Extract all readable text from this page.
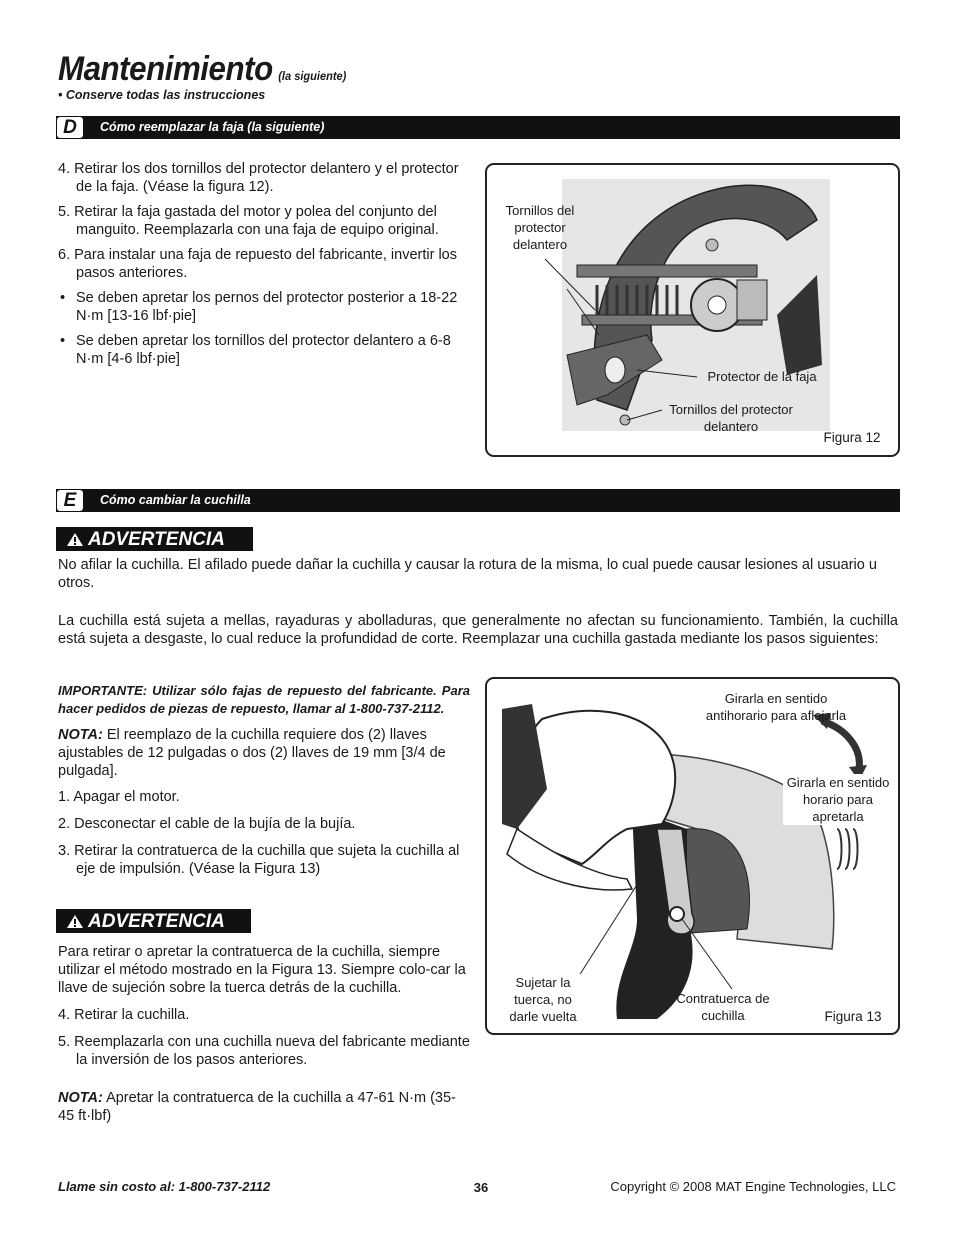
Mantenimiento (la siguiente)
• Conserve todas las instrucciones
D	Cómo reemplazar la faja (la siguiente)
4. Retirar los dos tornillos del protector delantero y el protector de la faja. (Véase la figura 12).
5. Retirar la faja gastada del motor y polea del conjunto del manguito. Reemplazarla con una faja de equipo original.
6. Para instalar una faja de repuesto del fabricante, invertir los pasos anteriores.
• Se deben apretar los pernos del protector posterior a 18-22 N·m [13-16 lbf·pie]
• Se deben apretar los tornillos del protector delantero a 6-8 N·m [4-6 lbf·pie]
Tornillos del protector delantero
Protector de la faja
Tornillos del protector delantero
Figura 12
E	Cómo cambiar la cuchilla
ADVERTENCIA
No afilar la cuchilla. El afilado puede dañar la cuchilla y causar la rotura de la misma, lo cual puede causar lesiones al usuario u otros.
La cuchilla está sujeta a mellas, rayaduras y abolladuras, que generalmente no afectan su funcionamiento. También, la cuchilla está sujeta a desgaste, lo cual reduce la profundidad de corte. Reemplazar una cuchilla gastada mediante los pasos siguientes:
IMPORTANTE: Utilizar sólo fajas de repuesto del fabricante. Para hacer pedidos de piezas de repuesto, llamar al 1-800-737-2112.
NOTA: El reemplazo de la cuchilla requiere dos (2) llaves ajustables de 12 pulgadas o dos (2) llaves de 19 mm [3/4 de pulgada].
1. Apagar el motor.
2. Desconectar el cable de la bujía de la bujía.
3. Retirar la contratuerca de la cuchilla que sujeta la cuchilla al eje de impulsión. (Véase la Figura 13)
ADVERTENCIA
Para retirar o apretar la contratuerca de la cuchilla, siempre utilizar el método mostrado en la Figura 13. Siempre colo-car la llave de sujeción sobre la tuerca detrás de la cuchilla.
4. Retirar la cuchilla.
5. Reemplazarla con una cuchilla nueva del fabricante mediante la inversión de los pasos anteriores.
NOTA: Apretar la contratuerca de la cuchilla a 47-61 N·m (35-45 ft·lbf)
Girarla en sentido antihorario para aflojarla
Girarla en sentido horario para apretarla
Sujetar la tuerca, no darle vuelta
Contratuerca de cuchilla	Figura 13
Llame sin costo al: 1-800-737-2112	36	Copyright © 2008 MAT Engine Technologies, LLC
